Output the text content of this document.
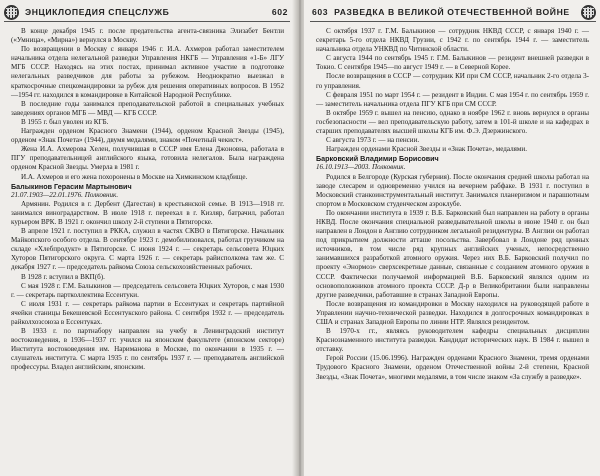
ЭНЦИКЛОПЕДИЯ СПЕЦСЛУЖБ	602

В конце декабря 1945 г. после предательства агента-связника Элизабет Бентли («Умница», «Мирна») вернулся в Москву.

По возвращении в Москву с января 1946 г. И.А. Ахмеров работал заместителем начальника отдела нелегальной разведки Управления НКГБ — Управления «1-Б» ЛГУ МГБ СССР. Находясь на этих постах, принимал активное участие в подготовке нелегальных разведчиков для работы за рубежом. Неоднократно выезжал в краткосрочные спецкомандировки за рубеж для решения оперативных вопросов. В 1952—1954 гг. находился в командировке в Китайской Народной Республике.

В последние годы занимался преподавательской работой в специальных учебных заведениях органов МГБ — МВД — КГБ СССР.

В 1955 г. был уволен из КГБ.

Награжден орденом Красного Знамени (1944), орденом Красной Звезды (1945), орденом «Знак Почета» (1944), двумя медалями, знаком «Почетный чекист».

Жена И.А. Ахмерова Хелен, получившая в СССР имя Елена Джоновна, работала в ПГУ преподавательницей английского языка, готовила нелегалов. Была награждена орденом Красной Звезды. Умерла в 1981 г.

И.А. Ахмеров и его жена похоронены в Москве на Химкинском кладбище.

Балыкинов Герасим Мартынович

21.07.1903—22.01.1976. Полковник.

Армянин. Родился в г. Дербент (Дагестан) в крестьянской семье. В 1913—1918 гг. занимался виноградарством. В июле 1918 г. переехал в г. Кизляр, батрачил, работал курьером ВРК. В 1921 г. окончил школу 2-й ступени в Пятигорске.

В апреле 1921 г. поступил в РККА, служил в частях СКВО в Пятигорске. Начальник Майкопского особого отдела. В сентябре 1923 г. демобилизовался, работал грузчиком на складе «Хлебпродукт» в Пятигорске. С июня 1924 г. — секретарь сельсовета Юцких Хуторов Пятигорского округа. С марта 1926 г. — секретарь райисполкома там же. С декабря 1927 г. — председатель райкома Союза сельскохозяйственных рабочих.

В 1928 г. вступил в ВКП(б).

С мая 1928 г. Г.М. Балыкинов — председатель сельсовета Юцких Хуторов, с мая 1930 г. — секретарь партколлектива Ессентуки.

С июля 1931 г. — секретарь райкома партии в Ессентуках и секретарь партийной ячейки станицы Бекешевской Ессентукского района. С сентября 1932 г. — председатель райколхозсоюза в Ессентуках.

В 1933 г. по партнабору направлен на учебу в Ленинградский институт востоковедения, в 1936—1937 гг. учился на японском факультете (японском секторе) Института востоковедения им. Нариманова в Москве, по окончании в 1935 г. — слушатель института. С марта 1935 г. по сентябрь 1937 г. — преподаватель английской профессуры. Владел английским, японским.

603 РАЗВЕДКА В ВЕЛИКОЙ ОТЕЧЕСТВЕННОЙ ВОЙНЕ

С октября 1937 г. Г.М. Балыкинов — сотрудник НКВД СССР, с января 1940 г. — секретарь 5-го отдела НКВД Грузии, с 1942 г. по сентябрь 1944 г. — заместитель начальника отдела УНКВД по Читинской области.

С августа 1944 по сентябрь 1945 г. Г.М. Балыкинов — резидент внешней разведки в Токио. С сентября 1945—по август 1949 г. — в Северной Корее.

После возвращения в СССР — сотрудник КИ при СМ СССР, начальник 2-го отдела 3-го управления.

С февраля 1951 по март 1954 г. — резидент в Индии. С мая 1954 г. по сентябрь 1959 г. — заместитель начальника отдела ПГУ КГБ при СМ СССР.

В октябре 1959 г. вышел на пенсию, однако в ноябре 1962 г. вновь вернулся в органы госбезопасности — вел преподавательскую работу, затем в 101-й школе и на кафедрах в старших преподавателях высшей школы КГБ им. Ф.Э. Дзержинского.

С августа 1973 г. — на пенсии.

Награжден орденами Красной Звезды и «Знак Почета», медалями.

Барковский Владимир Борисович

16.10.1913—2003. Полковник.

Родился в Белгороде (Курская губерния). После окончания средней школы работал на заводе слесарем и одновременно учился на вечернем рабфаке. В 1931 г. поступил в Московский станкоинструментальный институт. Занимался планеризмом и парашютным спортом в Московском студенческом аэроклубе.

По окончании института в 1939 г. В.Б. Барковский был направлен на работу в органы НКВД. После окончания специальной разведывательной школы в июне 1940 г. он был направлен в Лондон в Англию сотрудником легальной резидентуры. В Англии он работал под прикрытием должности атташе посольства. Завербовал в Лондоне ряд ценных источников, в том числе ряд крупных английских ученых, непосредственно занимавшихся разработкой атомного оружия. Через них В.Б. Барковский получил по проекту «Энормоз» сверхсекретные данные, связанные с созданием атомного оружия в СССР. Фактически получаемой информацией В.Б. Барковский являлся одним из основоположников атомного проекта СССР. Д-р в Великобритании были направлены другие разведчики, работавшие в странах Западной Европы.

После возвращения из командировки в Москву находился на руководящей работе в Управлении научно-технической разведки. Находился в долгосрочных командировках в США и странах Западной Европы по линии НТР. Являлся резидентом.

В 1970-х гг., являясь руководителем кафедры специальных дисциплин Краснознаменного института разведки. Кандидат исторических наук. В 1984 г. вышел в отставку.

Герой России (15.06.1996). Награжден орденами Красного Знамени, тремя орденами Трудового Красного Знамени, орденом Отечественной войны 2-й степени, Красной Звезды, «Знак Почета», многими медалями, в том числе знаком «За службу в разведке».
